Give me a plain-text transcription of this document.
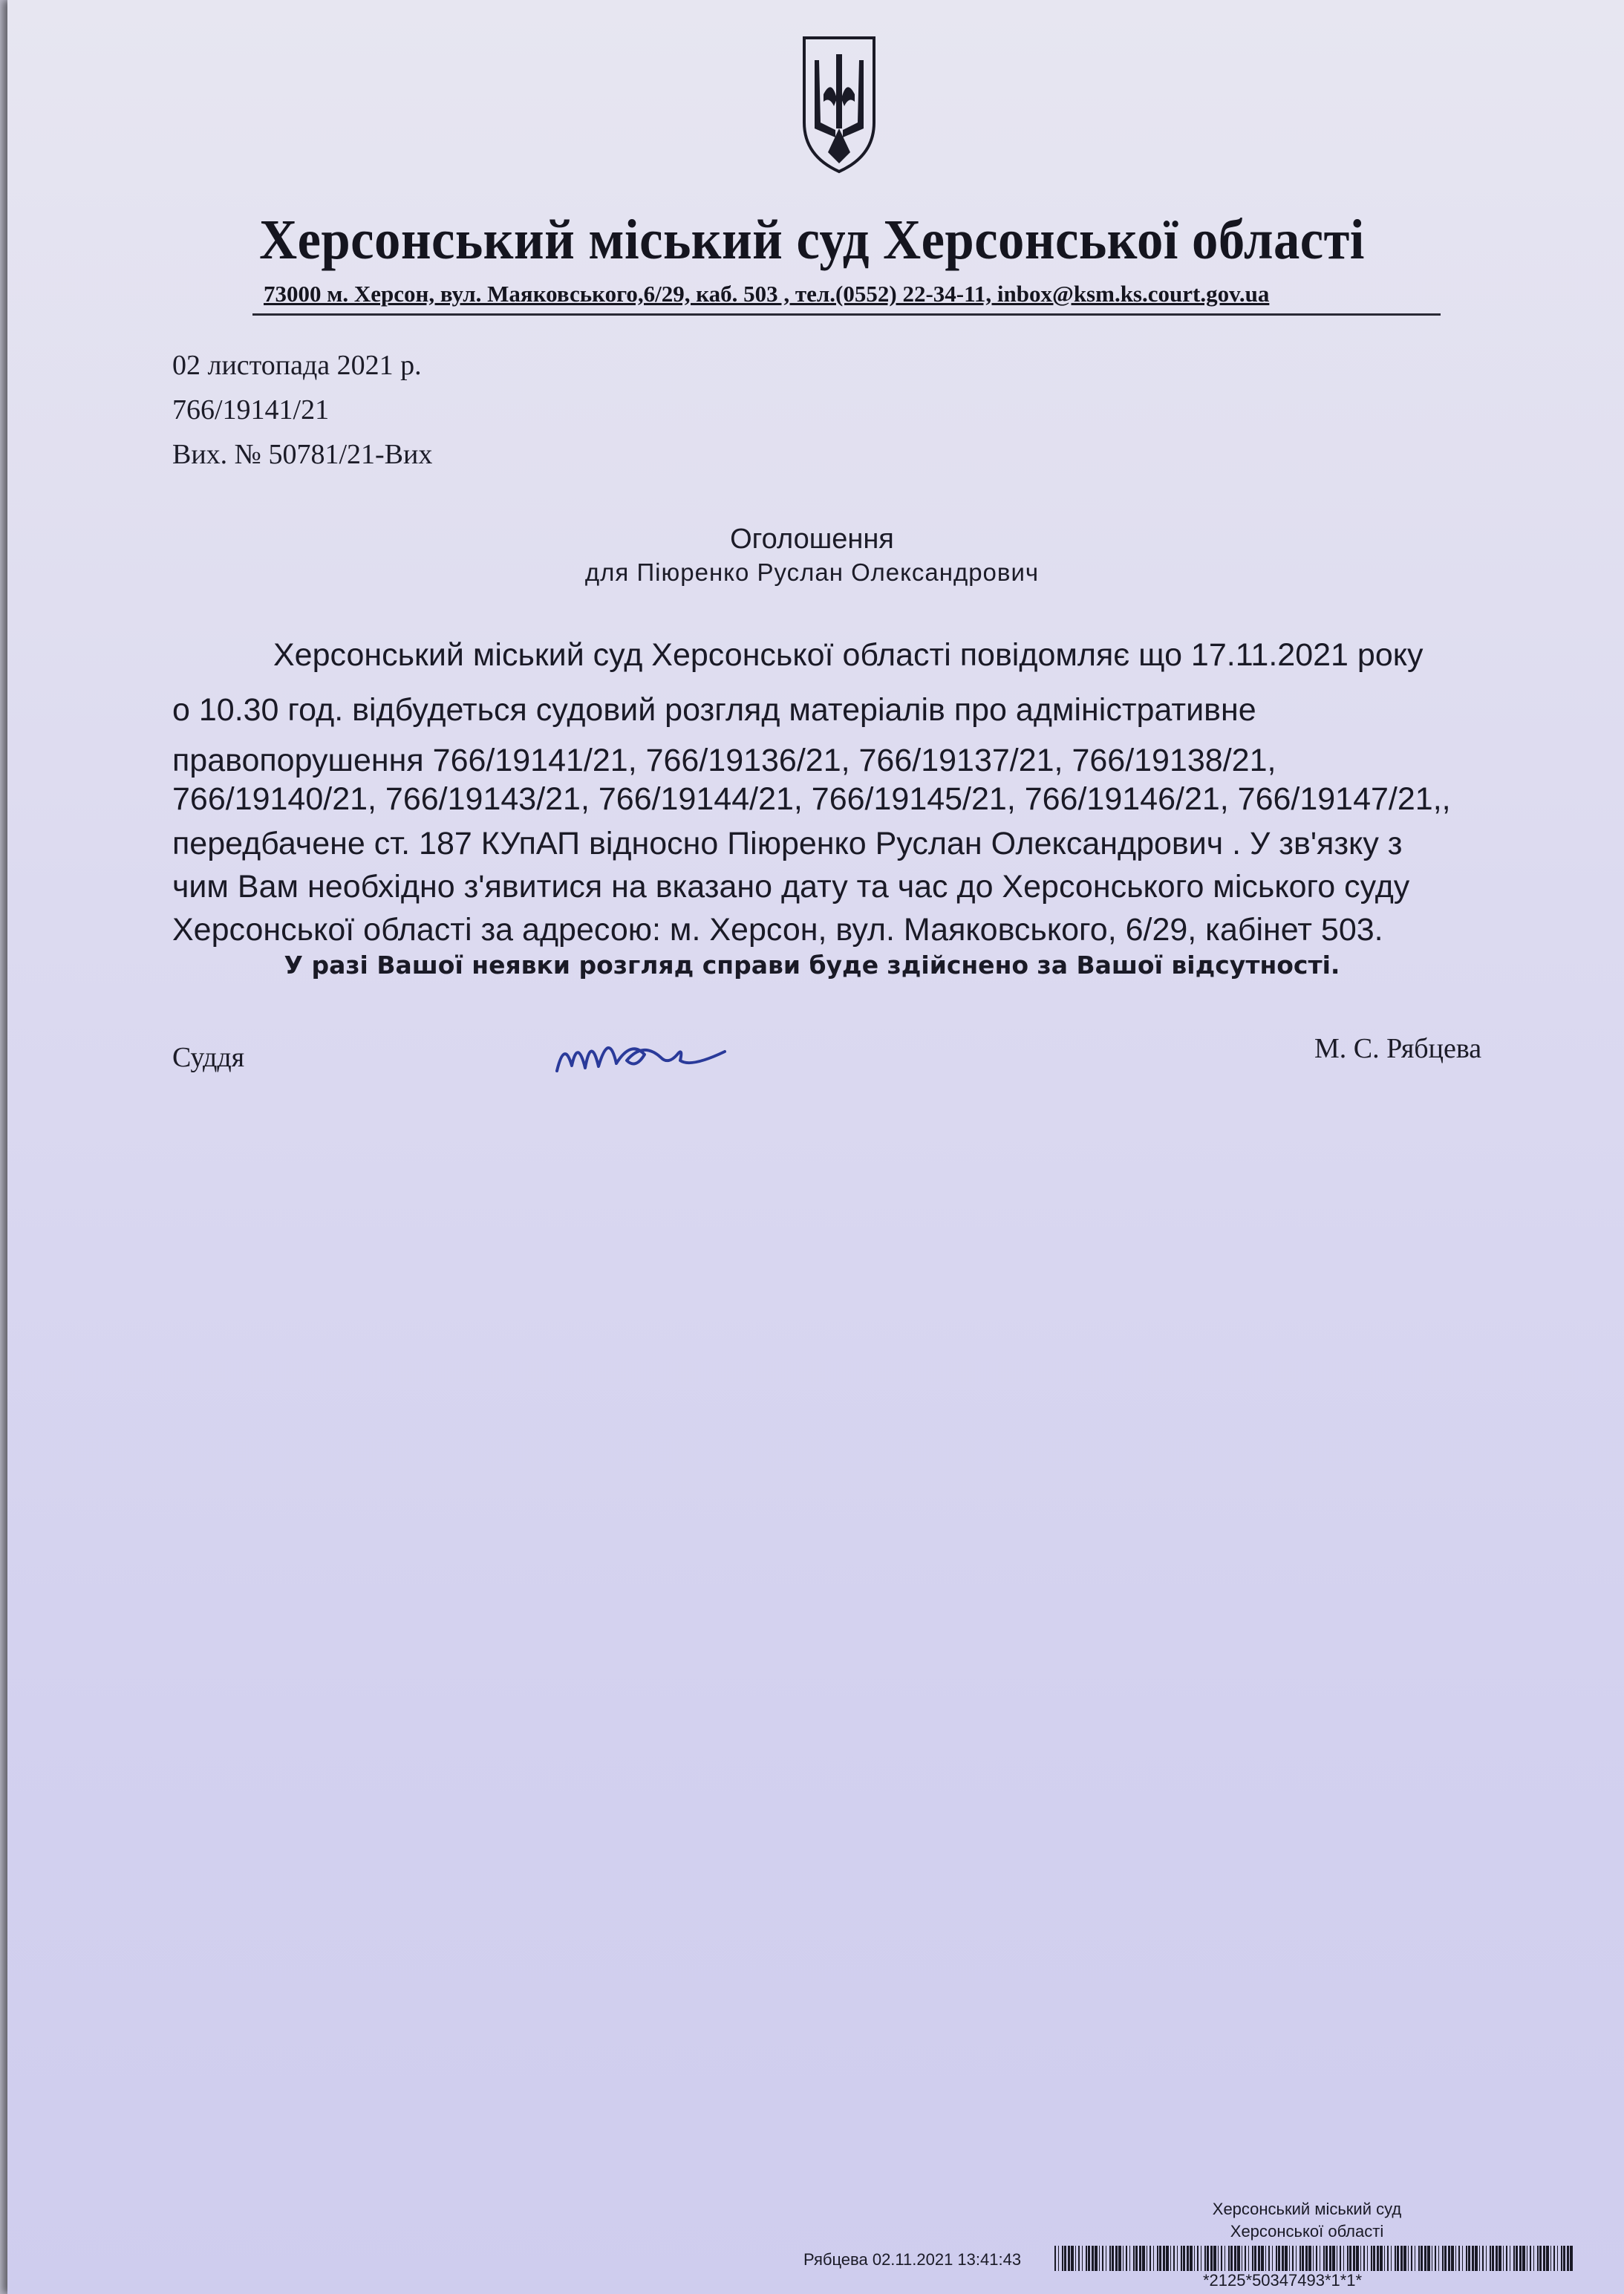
Херсонський міський суд Херсонської області
73000 м. Херсон, вул. Маяковського,6/29, каб. 503 , тел.(0552) 22-34-11, inbox@ksm.ks.court.gov.ua
02 листопада 2021 р.
766/19141/21
Вих. № 50781/21-Вих
Оголошення
для Піюренко Руслан Олександрович
Херсонський міський суд Херсонської області повідомляє що 17.11.2021 року
о 10.30 год. відбудеться судовий розгляд матеріалів про адміністративне
правопорушення 766/19141/21, 766/19136/21, 766/19137/21, 766/19138/21,
766/19140/21, 766/19143/21, 766/19144/21, 766/19145/21, 766/19146/21, 766/19147/21,,
передбачене ст. 187 КУпАП відносно Піюренко Руслан Олександрович . У зв'язку з
чим Вам необхідно з'явитися на вказано дату та час до Херсонського міського суду
Херсонської області за адресою: м. Херсон, вул. Маяковського, 6/29, кабінет 503.
У разі Вашої неявки розгляд справи буде здійснено за Вашої відсутності.
Суддя	М. С. Рябцева
Херсонський міський суд
Херсонської області
Рябцева 02.11.2021 13:41:43
*2125*50347493*1*1*
